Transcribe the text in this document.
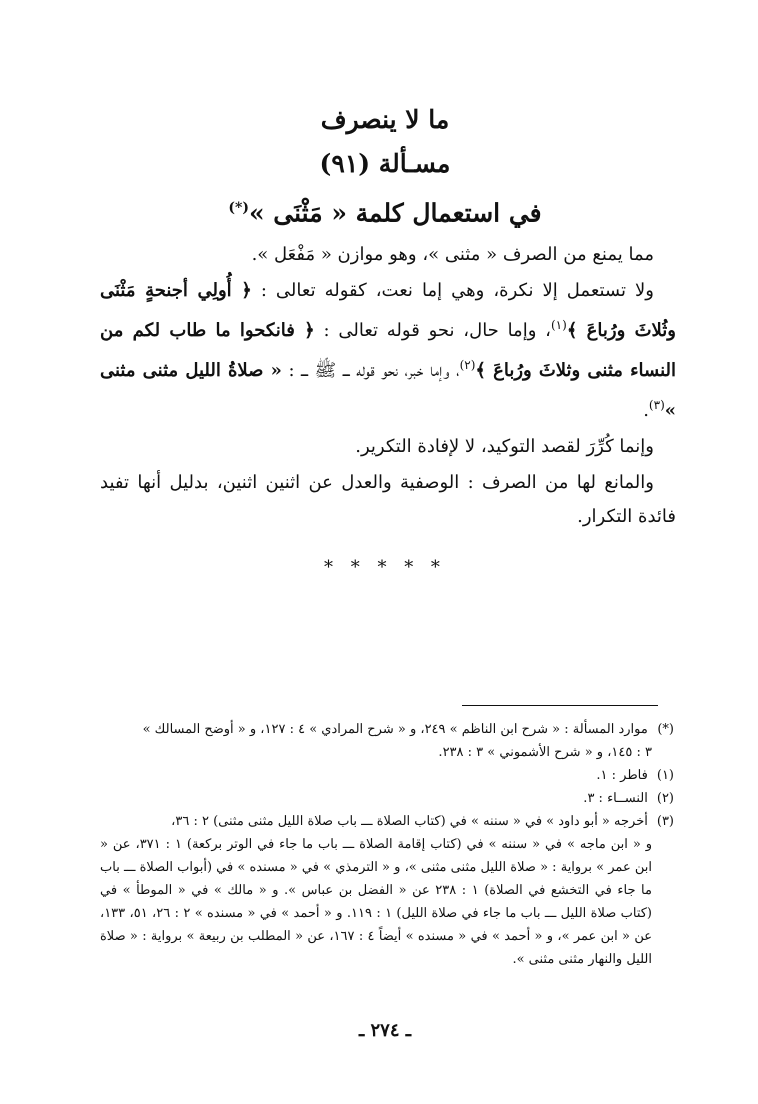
ما لا ينصرف
مسـألة (٩١)
في استعمال كلمة « مَثْنَى »(*)

مما يمنع من الصرف « مثنى »، وهو موازن « مَفْعَل ».

ولا تستعمل إلا نكرة، وهي إما نعت، كقوله تعالى : ﴿ أُولِي أجنحةٍ مَثْنَى وثُلاثَ ورُباعَ ﴾$^{(١)}$، وإما حال، نحو قوله تعالى : ﴿ فانكحوا ما طاب لكم من النساء مثنى وثلاثَ ورُباعَ ﴾$^{(٢)}$، وإما خبر، نحو قوله ـــ ﷺ ـــ : « صلاةُ الليل مثنى مثنى »$^{(٣)}$.

وإنما كُرِّرَ لقصد التوكيد، لا لإفادة التكرير.

والمانع لها من الصرف : الوصفية والعدل عن اثنين اثنين، بدليل أنها تفيد فائدة التكرار.

* * * * *
(*) موارد المسألة : « شرح ابن الناظم » ٢٤٩، و « شرح المرادي » ٤ : ١٢٧، و « أوضح المسالك »
٣ : ١٤٥، و « شرح الأشموني » ٣ : ٢٣٨.
(١) فاطر : ١.
(٢) النســاء : ٣.
(٣) أخرجه « أبو داود » في « سننه » في (كتاب الصلاة ـــ باب صلاة الليل مثنى مثنى) ٢ : ٣٦،
و « ابن ماجه » في « سننه » في (كتاب إقامة الصلاة ـــ باب ما جاء في الوتر بركعة) ١ : ٣٧١، عن « ابن عمر » برواية : « صلاة الليل مثنى مثنى »، و « الترمذي » في « مسنده » في (أبواب الصلاة ـــ باب ما جاء في التخشع في الصلاة) ١ : ٢٣٨ عن « الفضل بن عباس ». و « مالك » في « الموطأ » في (كتاب صلاة الليل ـــ باب ما جاء في صلاة الليل) ١ : ١١٩. و « أحمد » في « مسنده » ٢ : ٢٦، ٥١، ١٣٣، عن « ابن عمر »، و « أحمد » في « مسنده » أيضاً ٤ : ١٦٧، عن « المطلب بن ربيعة » برواية : « صلاة الليل والنهار مثنى مثنى ».
ـ ٢٧٤ ـ
